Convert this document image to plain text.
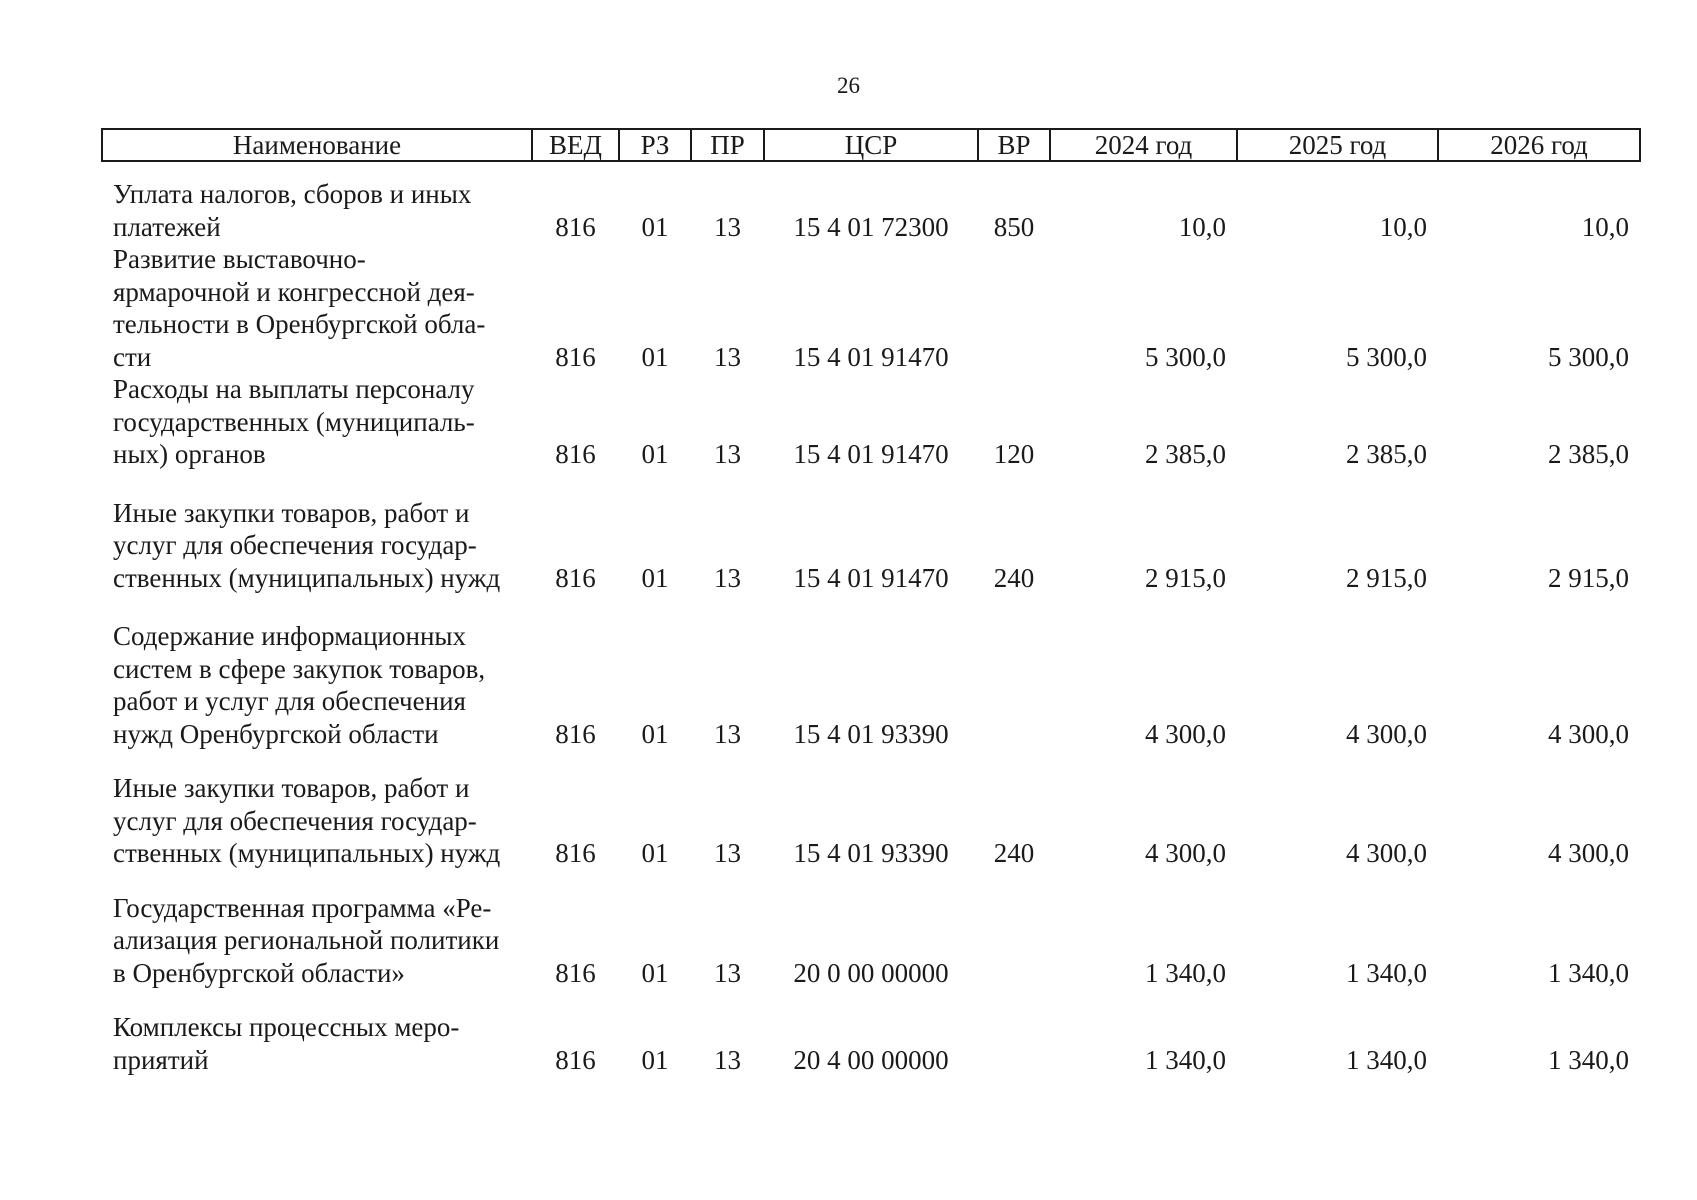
26
Наименование	ВЕД	РЗ	ПР	ЦСР	ВР	2024 год	2025 год	2026 год

Уплата налогов, сборов и иных
платежей	816	01	13	15 4 01 72300	850	10,0	10,0	10,0
Развитие выставочно-
ярмарочной и конгрессной дея-
тельности в Оренбургской обла-
сти	816	01	13	15 4 01 91470		5 300,0	5 300,0	5 300,0
Расходы на выплаты персоналу
государственных (муниципаль-
ных) органов	816	01	13	15 4 01 91470	120	2 385,0	2 385,0	2 385,0
Иные закупки товаров, работ и
услуг для обеспечения государ-
ственных (муниципальных) нужд	816	01	13	15 4 01 91470	240	2 915,0	2 915,0	2 915,0
Содержание информационных
систем в сфере закупок товаров,
работ и услуг для обеспечения
нужд Оренбургской области	816	01	13	15 4 01 93390		4 300,0	4 300,0	4 300,0
Иные закупки товаров, работ и
услуг для обеспечения государ-
ственных (муниципальных) нужд	816	01	13	15 4 01 93390	240	4 300,0	4 300,0	4 300,0
Государственная программа «Ре-
ализация региональной политики
в Оренбургской области»	816	01	13	20 0 00 00000		1 340,0	1 340,0	1 340,0
Комплексы процессных меро-
приятий	816	01	13	20 4 00 00000		1 340,0	1 340,0	1 340,0
